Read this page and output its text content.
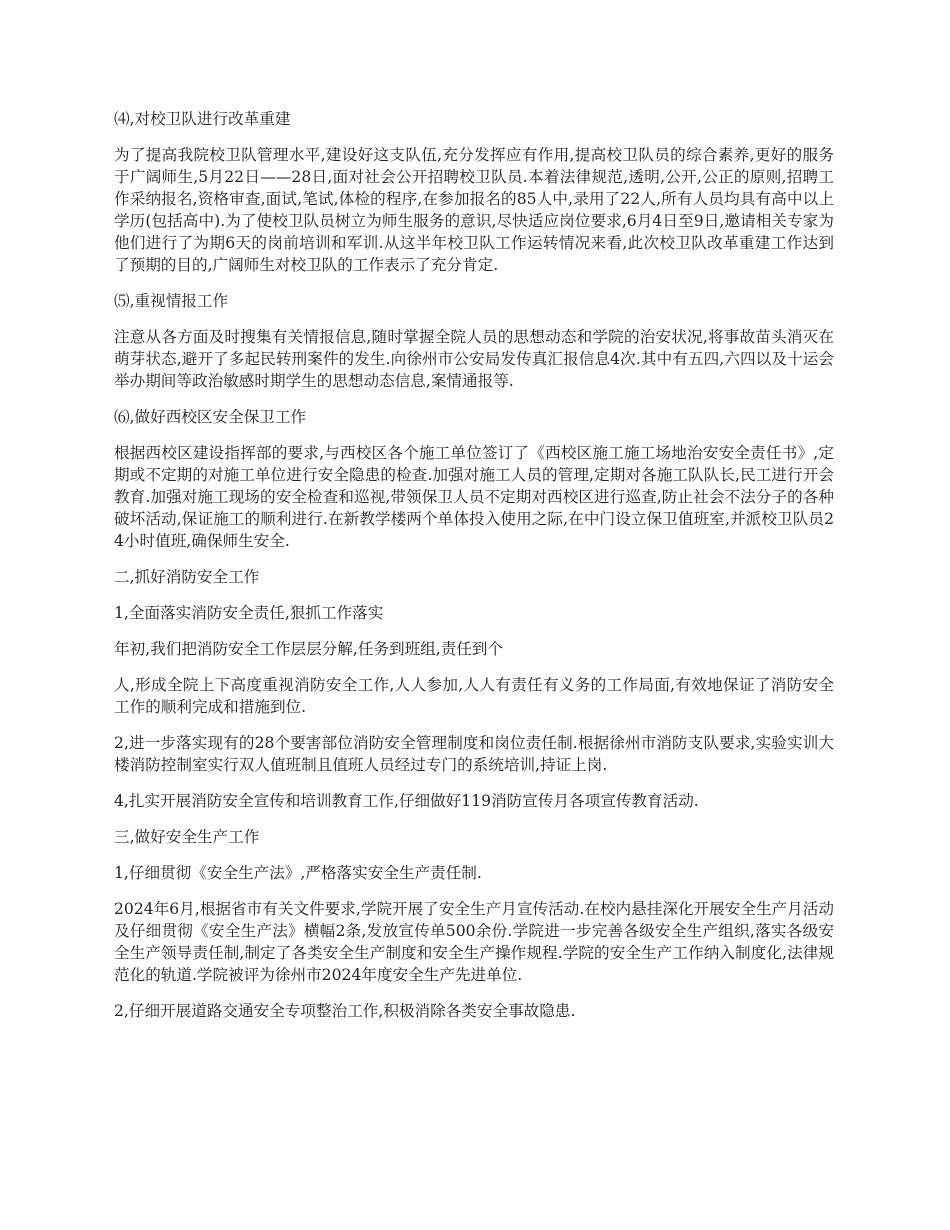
⑷,对校卫队进行改革重建
为了提高我院校卫队管理水平,建设好这支队伍,充分发挥应有作用,提高校卫队员的综合素养,更好的服务于广阔师生,5月22日——28日,面对社会公开招聘校卫队员.本着法律规范,透明,公开,公正的原则,招聘工作采纳报名,资格审查,面试,笔试,体检的程序,在参加报名的85人中,录用了22人,所有人员均具有高中以上学历(包括高中).为了使校卫队员树立为师生服务的意识,尽快适应岗位要求,6月4日至9日,邀请相关专家为他们进行了为期6天的岗前培训和军训.从这半年校卫队工作运转情况来看,此次校卫队改革重建工作达到了预期的目的,广阔师生对校卫队的工作表示了充分肯定.
⑸,重视情报工作
注意从各方面及时搜集有关情报信息,随时掌握全院人员的思想动态和学院的治安状况,将事故苗头消灭在萌芽状态,避开了多起民转刑案件的发生.向徐州市公安局发传真汇报信息4次.其中有五四,六四以及十运会举办期间等政治敏感时期学生的思想动态信息,案情通报等.
⑹,做好西校区安全保卫工作
根据西校区建设指挥部的要求,与西校区各个施工单位签订了《西校区施工施工场地治安安全责任书》,定期或不定期的对施工单位进行安全隐患的检查.加强对施工人员的管理,定期对各施工队队长,民工进行开会教育.加强对施工现场的安全检查和巡视,带领保卫人员不定期对西校区进行巡查,防止社会不法分子的各种破坏活动,保证施工的顺利进行.在新教学楼两个单体投入使用之际,在中门设立保卫值班室,并派校卫队员24小时值班,确保师生安全.
二,抓好消防安全工作
1,全面落实消防安全责任,狠抓工作落实
年初,我们把消防安全工作层层分解,任务到班组,责任到个
人,形成全院上下高度重视消防安全工作,人人参加,人人有责任有义务的工作局面,有效地保证了消防安全工作的顺利完成和措施到位.
2,进一步落实现有的28个要害部位消防安全管理制度和岗位责任制.根据徐州市消防支队要求,实验实训大楼消防控制室实行双人值班制且值班人员经过专门的系统培训,持证上岗.
4,扎实开展消防安全宣传和培训教育工作,仔细做好119消防宣传月各项宣传教育活动.
三,做好安全生产工作
1,仔细贯彻《安全生产法》,严格落实安全生产责任制.
2024年6月,根据省市有关文件要求,学院开展了安全生产月宣传活动.在校内悬挂深化开展安全生产月活动及仔细贯彻《安全生产法》横幅2条,发放宣传单500余份.学院进一步完善各级安全生产组织,落实各级安全生产领导责任制,制定了各类安全生产制度和安全生产操作规程.学院的安全生产工作纳入制度化,法律规范化的轨道.学院被评为徐州市2024年度安全生产先进单位.
2,仔细开展道路交通安全专项整治工作,积极消除各类安全事故隐患.
